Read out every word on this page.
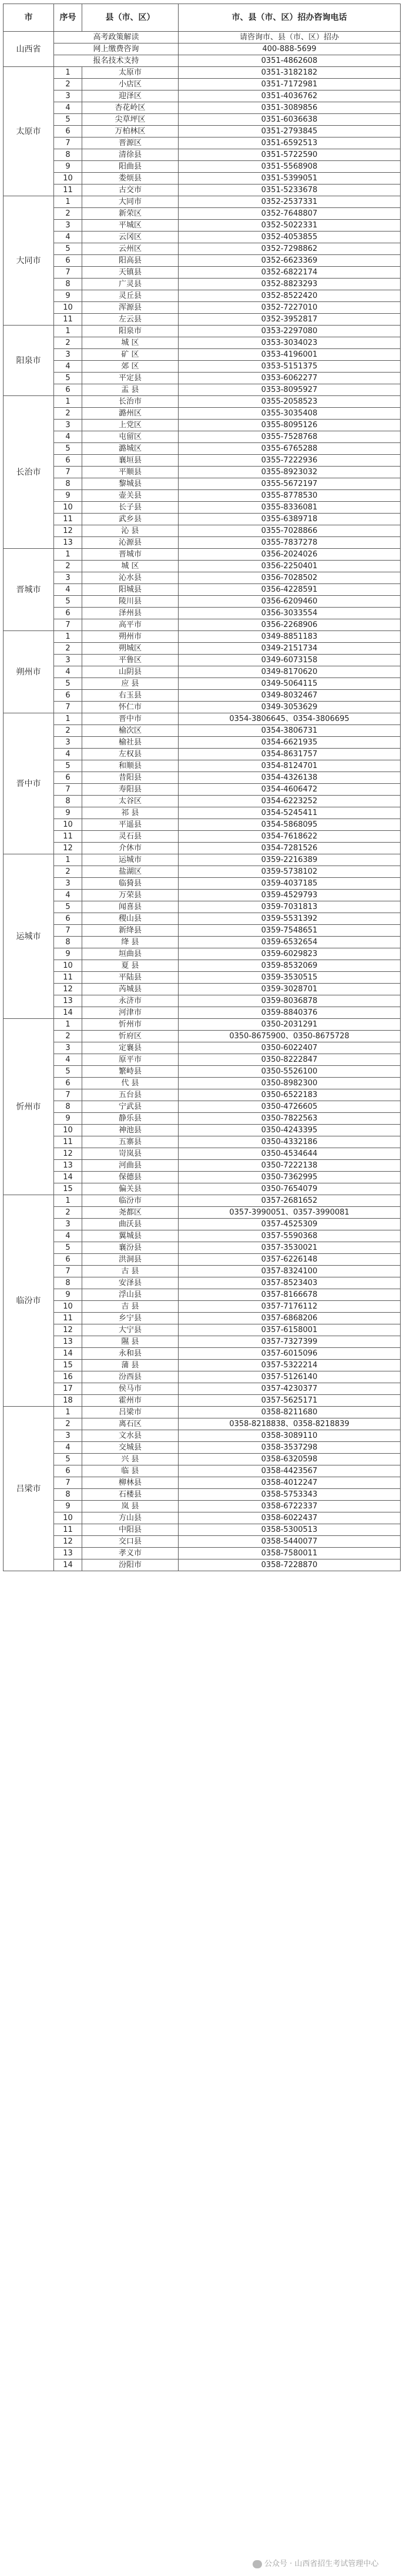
市	序号	县（市、区）	市、县（市、区）招办咨询电话
山西省	高考政策解读		请咨询市、县（市、区）招办
	网上缴费咨询		400-888-5699
	报名技术支持		0351-4862608
太原市	1	太原市	0351-3182182
	2	小店区	0351-7172981
	3	迎泽区	0351-4036762
	4	杏花岭区	0351-3089856
	5	尖草坪区	0351-6036638
	6	万柏林区	0351-2793845
	7	晋源区	0351-6592513
	8	清徐县	0351-5722590
	9	阳曲县	0351-5568908
	10	娄烦县	0351-5399051
	11	古交市	0351-5233678
大同市	1	大同市	0352-2537331
	2	新荣区	0352-7648807
	3	平城区	0352-5022331
	4	云冈区	0352-4053855
	5	云州区	0352-7298862
	6	阳高县	0352-6623369
	7	天镇县	0352-6822174
	8	广灵县	0352-8823293
	9	灵丘县	0352-8522420
	10	浑源县	0352-7227010
	11	左云县	0352-3952817
阳泉市	1	阳泉市	0353-2297080
	2	城 区	0353-3034023
	3	矿 区	0353-4196001
	4	郊 区	0353-5151375
	5	平定县	0353-6062277
	6	盂 县	0353-8095927
长治市	1	长治市	0355-2058523
	2	潞州区	0355-3035408
	3	上党区	0355-8095126
	4	屯留区	0355-7528768
	5	潞城区	0355-6765288
	6	襄垣县	0355-7222936
	7	平顺县	0355-8923032
	8	黎城县	0355-5672197
	9	壶关县	0355-8778530
	10	长子县	0355-8336081
	11	武乡县	0355-6389718
	12	沁 县	0355-7028866
	13	沁源县	0355-7837278
晋城市	1	晋城市	0356-2024026
	2	城 区	0356-2250401
	3	沁水县	0356-7028502
	4	阳城县	0356-4228591
	5	陵川县	0356-6209460
	6	泽州县	0356-3033554
	7	高平市	0356-2268906
朔州市	1	朔州市	0349-8851183
	2	朔城区	0349-2151734
	3	平鲁区	0349-6073158
	4	山阴县	0349-8170620
	5	应 县	0349-5064115
	6	右玉县	0349-8032467
	7	怀仁市	0349-3053629
晋中市	1	晋中市	0354-3806645、0354-3806695
	2	榆次区	0354-3806731
	3	榆社县	0354-6621935
	4	左权县	0354-8631757
	5	和顺县	0354-8124701
	6	昔阳县	0354-4326138
	7	寿阳县	0354-4606472
	8	太谷区	0354-6223252
	9	祁 县	0354-5245411
	10	平遥县	0354-5868095
	11	灵石县	0354-7618622
	12	介休市	0354-7281526
运城市	1	运城市	0359-2216389
	2	盐湖区	0359-5738102
	3	临猗县	0359-4037185
	4	万荣县	0359-4529793
	5	闻喜县	0359-7031813
	6	稷山县	0359-5531392
	7	新绛县	0359-7548651
	8	绛 县	0359-6532654
	9	垣曲县	0359-6029823
	10	夏 县	0359-8532069
	11	平陆县	0359-3530515
	12	芮城县	0359-3028701
	13	永济市	0359-8036878
	14	河津市	0359-8840376
忻州市	1	忻州市	0350-2031291
	2	忻府区	0350-8675900、0350-8675728
	3	定襄县	0350-6022407
	4	原平市	0350-8222847
	5	繁峙县	0350-5526100
	6	代 县	0350-8982300
	7	五台县	0350-6522183
	8	宁武县	0350-4726605
	9	静乐县	0350-7822563
	10	神池县	0350-4243395
	11	五寨县	0350-4332186
	12	岢岚县	0350-4534644
	13	河曲县	0350-7222138
	14	保德县	0350-7362995
	15	偏关县	0350-7654079
临汾市	1	临汾市	0357-2681652
	2	尧都区	0357-3990051、0357-3990081
	3	曲沃县	0357-4525309
	4	翼城县	0357-5590368
	5	襄汾县	0357-3530021
	6	洪洞县	0357-6226148
	7	古 县	0357-8324100
	8	安泽县	0357-8523403
	9	浮山县	0357-8166678
	10	吉 县	0357-7176112
	11	乡宁县	0357-6868206
	12	大宁县	0357-6158001
	13	隰 县	0357-7327399
	14	永和县	0357-6015096
	15	蒲 县	0357-5322214
	16	汾西县	0357-5126140
	17	侯马市	0357-4230377
	18	霍州市	0357-5625171
吕梁市	1	吕梁市	0358-8211680
	2	离石区	0358-8218838、0358-8218839
	3	文水县	0358-3089110
	4	交城县	0358-3537298
	5	兴 县	0358-6320598
	6	临 县	0358-4423567
	7	柳林县	0358-4012247
	8	石楼县	0358-5753343
	9	岚 县	0358-6722337
	10	方山县	0358-6022437
	11	中阳县	0358-5300513
	12	交口县	0358-5440077
	13	孝义市	0358-7580011
	14	汾阳市	0358-7228870
公众号 · 山西省招生考试管理中心
